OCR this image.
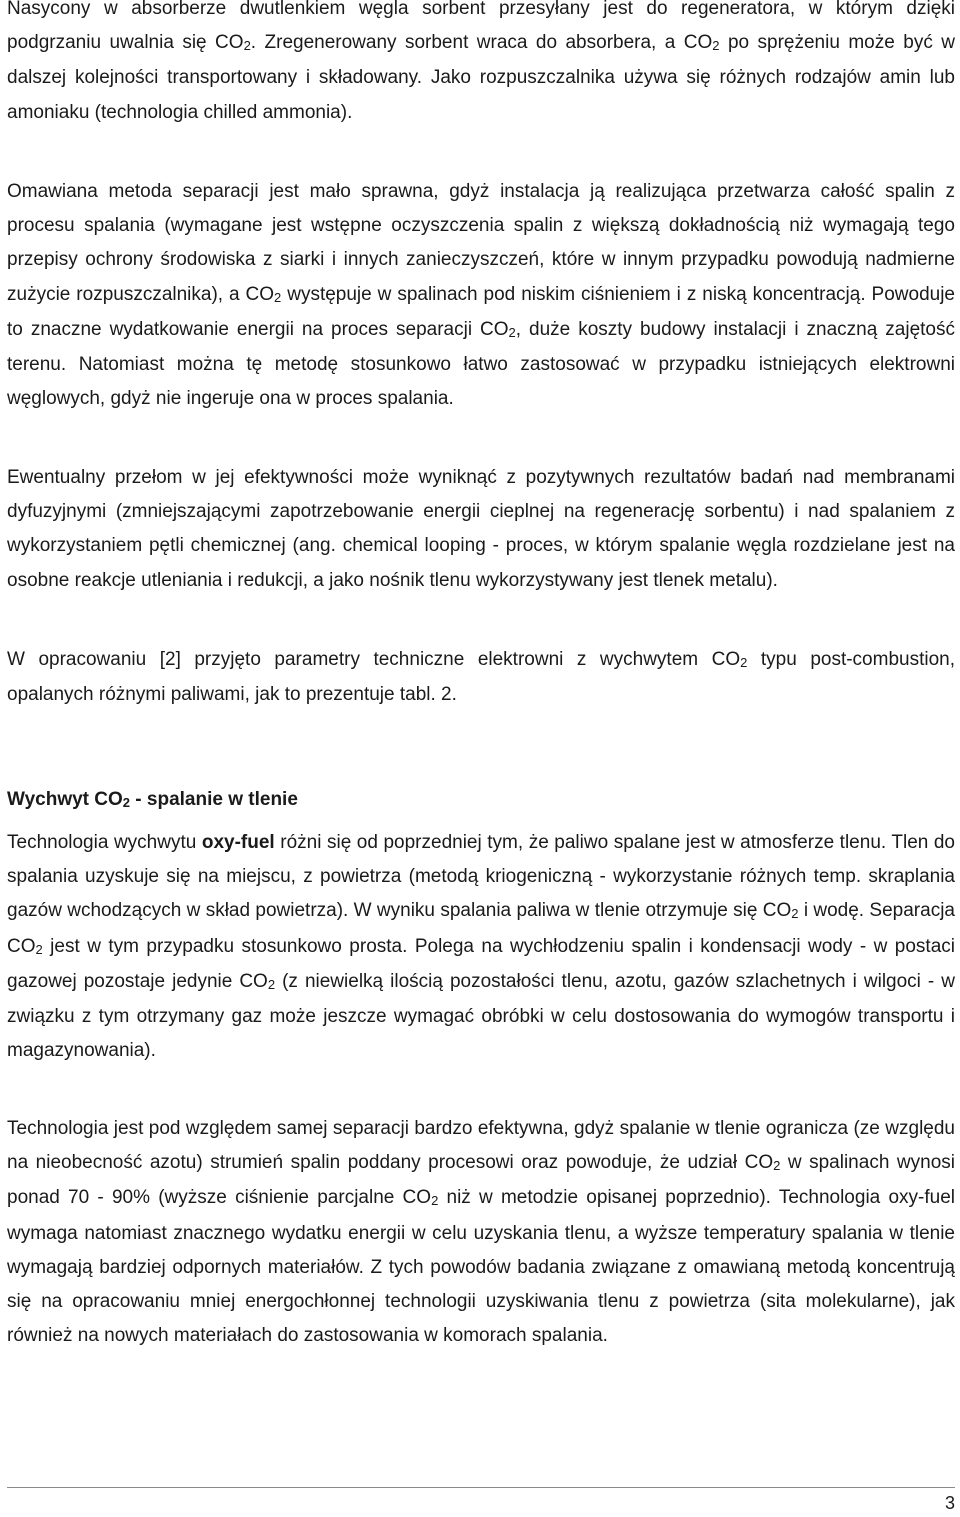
Nasycony w absorberze dwutlenkiem węgla sorbent przesyłany jest do regeneratora, w którym dzięki podgrzaniu uwalnia się $CO_2$. Zregenerowany sorbent wraca do absorbera, a $CO_2$ po sprężeniu może być w dalszej kolejności transportowany i składowany. Jako rozpuszczalnika używa się różnych rodzajów amin lub amoniaku (technologia chilled ammonia).

Omawiana metoda separacji jest mało sprawna, gdyż instalacja ją realizująca przetwarza całość spalin z procesu spalania (wymagane jest wstępne oczyszczenia spalin z większą dokładnością niż wymagają tego przepisy ochrony środowiska z siarki i innych zanieczyszczeń, które w innym przypadku powodują nadmierne zużycie rozpuszczalnika), a $CO_2$ występuje w spalinach pod niskim ciśnieniem i z niską koncentracją. Powoduje to znaczne wydatkowanie energii na proces separacji $CO_2$, duże koszty budowy instalacji i znaczną zajętość terenu. Natomiast można tę metodę stosunkowo łatwo zastosować w przypadku istniejących elektrowni węglowych, gdyż nie ingeruje ona w proces spalania.

Ewentualny przełom w jej efektywności może wyniknąć z pozytywnych rezultatów badań nad membranami dyfuzyjnymi (zmniejszającymi zapotrzebowanie energii cieplnej na regenerację sorbentu) i nad spalaniem z wykorzystaniem pętli chemicznej (ang. chemical looping - proces, w którym spalanie węgla rozdzielane jest na osobne reakcje utleniania i redukcji, a jako nośnik tlenu wykorzystywany jest tlenek metalu).

W opracowaniu [2] przyjęto parametry techniczne elektrowni z wychwytem $CO_2$ typu post-combustion, opalanych różnymi paliwami, jak to prezentuje tabl. 2.

Wychwyt $CO_2$ - spalanie w tlenie

Technologia wychwytu oxy-fuel różni się od poprzedniej tym, że paliwo spalane jest w atmosferze tlenu. Tlen do spalania uzyskuje się na miejscu, z powietrza (metodą kriogeniczną - wykorzystanie różnych temp. skraplania gazów wchodzących w skład powietrza). W wyniku spalania paliwa w tlenie otrzymuje się $CO_2$ i wodę. Separacja $CO_2$ jest w tym przypadku stosunkowo prosta. Polega na wychłodzeniu spalin i kondensacji wody - w postaci gazowej pozostaje jedynie $CO_2$ (z niewielką ilością pozostałości tlenu, azotu, gazów szlachetnych i wilgoci - w związku z tym otrzymany gaz może jeszcze wymagać obróbki w celu dostosowania do wymogów transportu i magazynowania).

Technologia jest pod względem samej separacji bardzo efektywna, gdyż spalanie w tlenie ogranicza (ze względu na nieobecność azotu) strumień spalin poddany procesowi oraz powoduje, że udział $CO_2$ w spalinach wynosi ponad 70 - 90% (wyższe ciśnienie parcjalne $CO_2$ niż w metodzie opisanej poprzednio). Technologia oxy-fuel wymaga natomiast znacznego wydatku energii w celu uzyskania tlenu, a wyższe temperatury spalania w tlenie wymagają bardziej odpornych materiałów. Z tych powodów badania związane z omawianą metodą koncentrują się na opracowaniu mniej energochłonnej technologii uzyskiwania tlenu z powietrza (sita molekularne), jak również na nowych materiałach do zastosowania w komorach spalania.

3
